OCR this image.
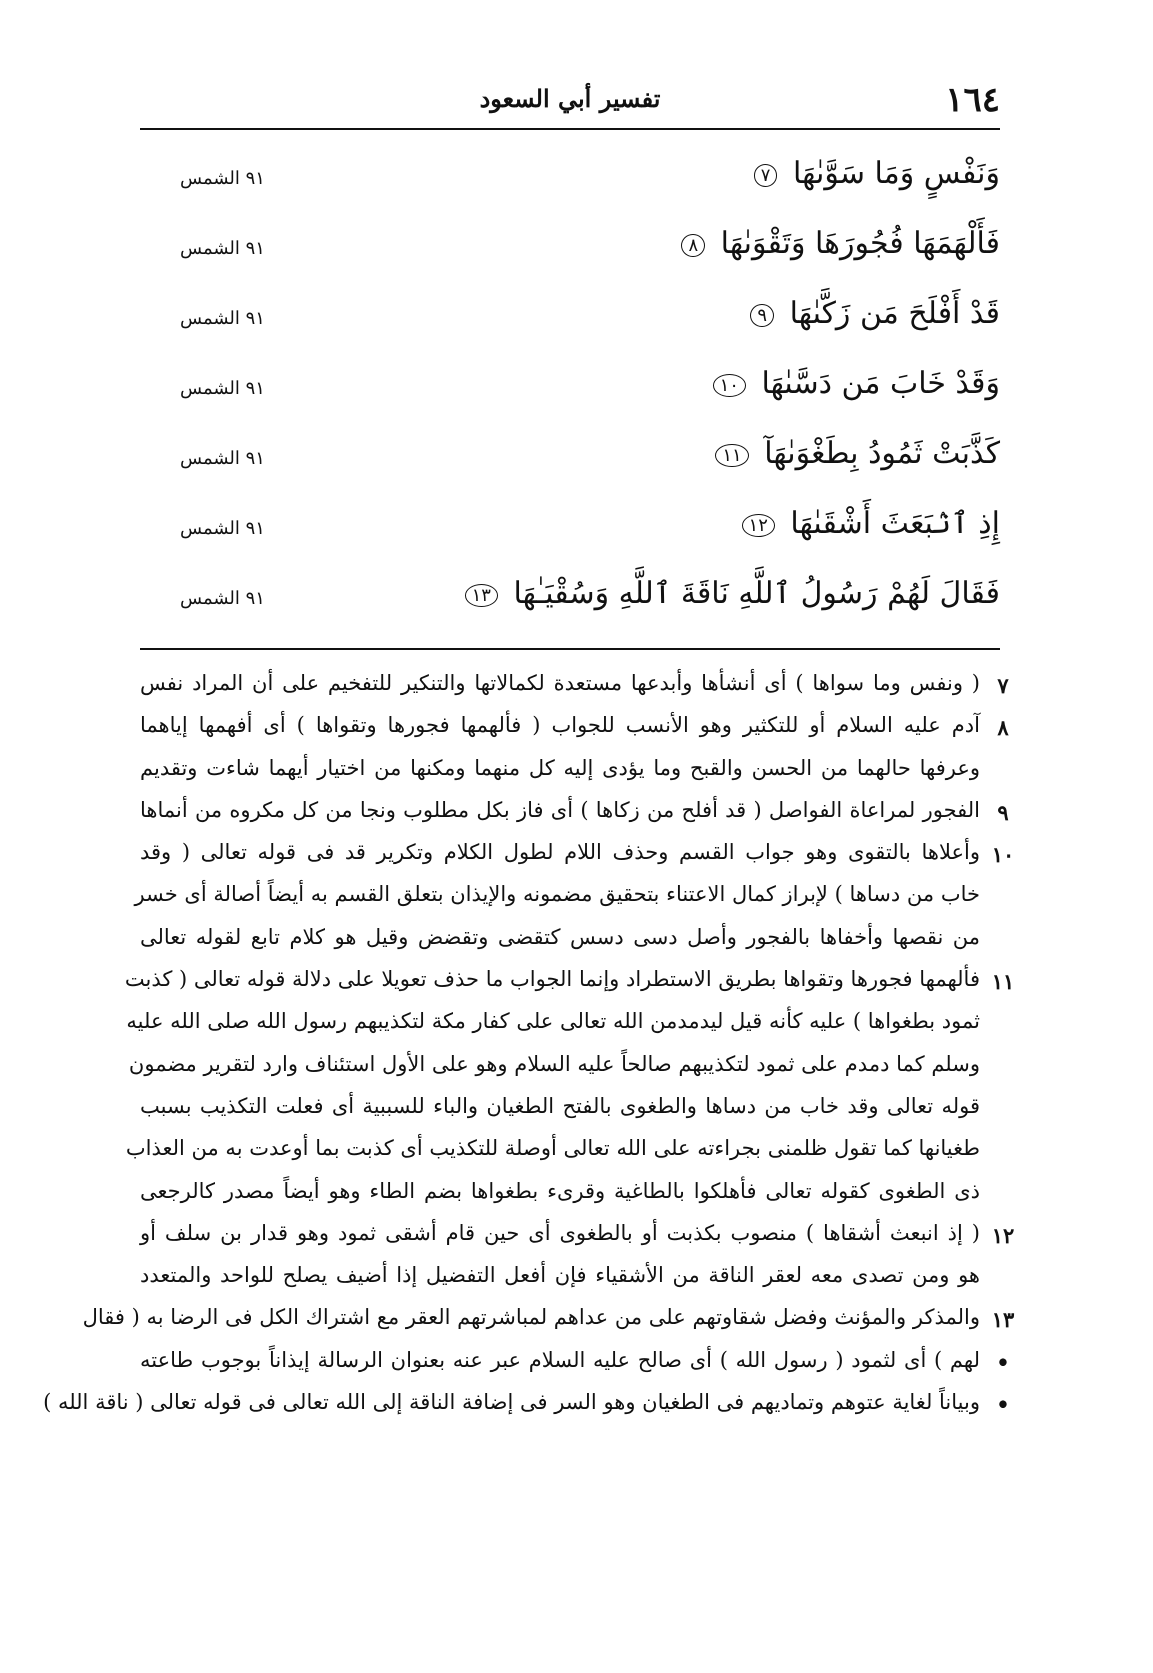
١٦٤
تفسير أبي السعود
وَنَفْسٍ وَمَا سَوَّىٰهَا ٧
٩١ الشمس
فَأَلْهَمَهَا فُجُورَهَا وَتَقْوَىٰهَا ٨
٩١ الشمس
قَدْ أَفْلَحَ مَن زَكَّىٰهَا ٩
٩١ الشمس
وَقَدْ خَابَ مَن دَسَّىٰهَا ١٠
٩١ الشمس
كَذَّبَتْ ثَمُودُ بِطَغْوَىٰهَآ ١١
٩١ الشمس
إِذِ ٱنۢبَعَثَ أَشْقَىٰهَا ١٢
٩١ الشمس
فَقَالَ لَهُمْ رَسُولُ ٱللَّهِ نَاقَةَ ٱللَّهِ وَسُقْيَـٰهَا ١٣
٩١ الشمس
٧
( ونفس وما سواها ) أى أنشأها وأبدعها مستعدة لكمالاتها والتنكير للتفخيم على أن المراد نفس
٨
آدم عليه السلام أو للتكثير وهو الأنسب للجواب ( فألهمها فجورها وتقواها ) أى أفهمها إياهما
وعرفها حالهما من الحسن والقبح وما يؤدى إليه كل منهما ومكنها من اختيار أيهما شاءت وتقديم
٩
الفجور لمراعاة الفواصل ( قد أفلح من زكاها ) أى فاز بكل مطلوب ونجا من كل مكروه من أنماها
١٠
وأعلاها بالتقوى وهو جواب القسم وحذف اللام لطول الكلام وتكرير قد فى قوله تعالى ( وقد
خاب من دساها ) لإبراز كمال الاعتناء بتحقيق مضمونه والإيذان بتعلق القسم به أيضاً أصالة أى خسر
من نقصها وأخفاها بالفجور وأصل دسى دسس كتقضى وتقضض وقيل هو كلام تابع لقوله تعالى
١١
فألهمها فجورها وتقواها بطريق الاستطراد وإنما الجواب ما حذف تعويلا على دلالة قوله تعالى ( كذبت
ثمود بطغواها ) عليه كأنه قيل ليدمدمن الله تعالى على كفار مكة لتكذيبهم رسول الله صلى الله عليه
وسلم كما دمدم على ثمود لتكذيبهم صالحاً عليه السلام وهو على الأول استئناف وارد لتقرير مضمون
قوله تعالى وقد خاب من دساها والطغوى بالفتح الطغيان والباء للسببية أى فعلت التكذيب بسبب
طغيانها كما تقول ظلمنى بجراءته على الله تعالى أوصلة للتكذيب أى كذبت بما أوعدت به من العذاب
ذى الطغوى كقوله تعالى فأهلكوا بالطاغية وقرىء بطغواها بضم الطاء وهو أيضاً مصدر كالرجعى
١٢
( إذ انبعث أشقاها ) منصوب بكذبت أو بالطغوى أى حين قام أشقى ثمود وهو قدار بن سلف أو
هو ومن تصدى معه لعقر الناقة من الأشقياء فإن أفعل التفضيل إذا أضيف يصلح للواحد والمتعدد
١٣
والمذكر والمؤنث وفضل شقاوتهم على من عداهم لمباشرتهم العقر مع اشتراك الكل فى الرضا به ( فقال
•
لهم ) أى لثمود ( رسول الله ) أى صالح عليه السلام عبر عنه بعنوان الرسالة إيذاناً بوجوب طاعته
•
وبياناً لغاية عتوهم وتماديهم فى الطغيان وهو السر فى إضافة الناقة إلى الله تعالى فى قوله تعالى ( ناقة الله )
